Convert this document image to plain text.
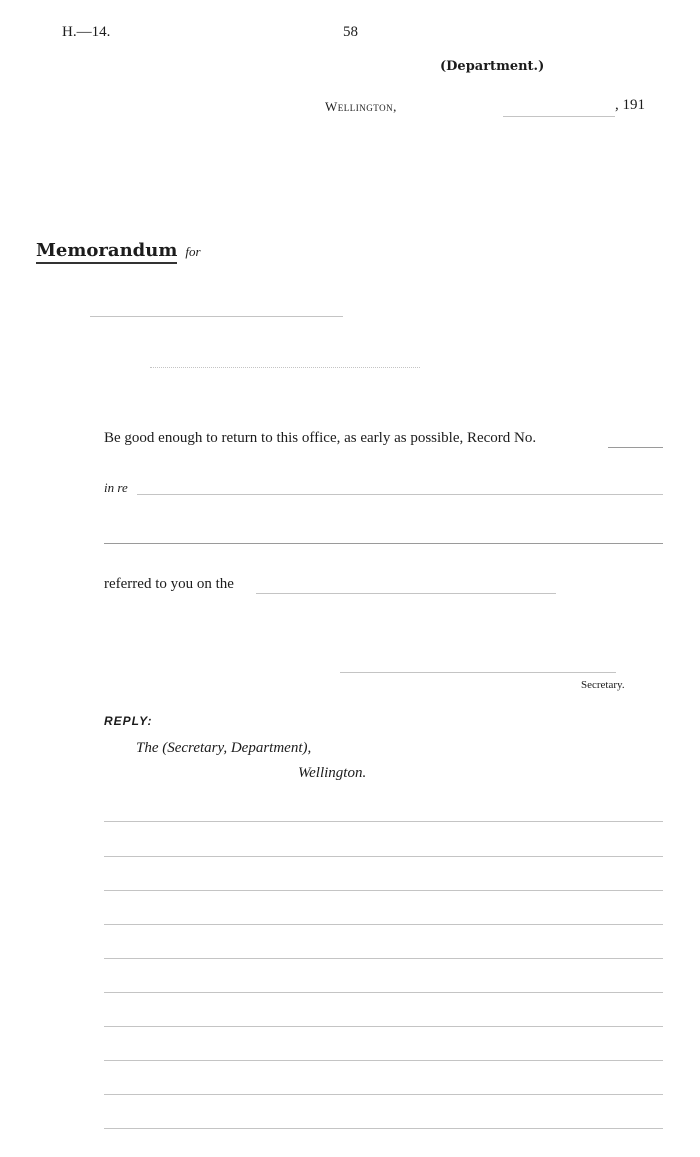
H.—14.	58
(Department.)
Wellington,	, 191
Memorandum for
Be good enough to return to this office, as early as possible, Record No.
in re
referred to you on the
Secretary.
REPLY:
The (Secretary, Department),
Wellington.
